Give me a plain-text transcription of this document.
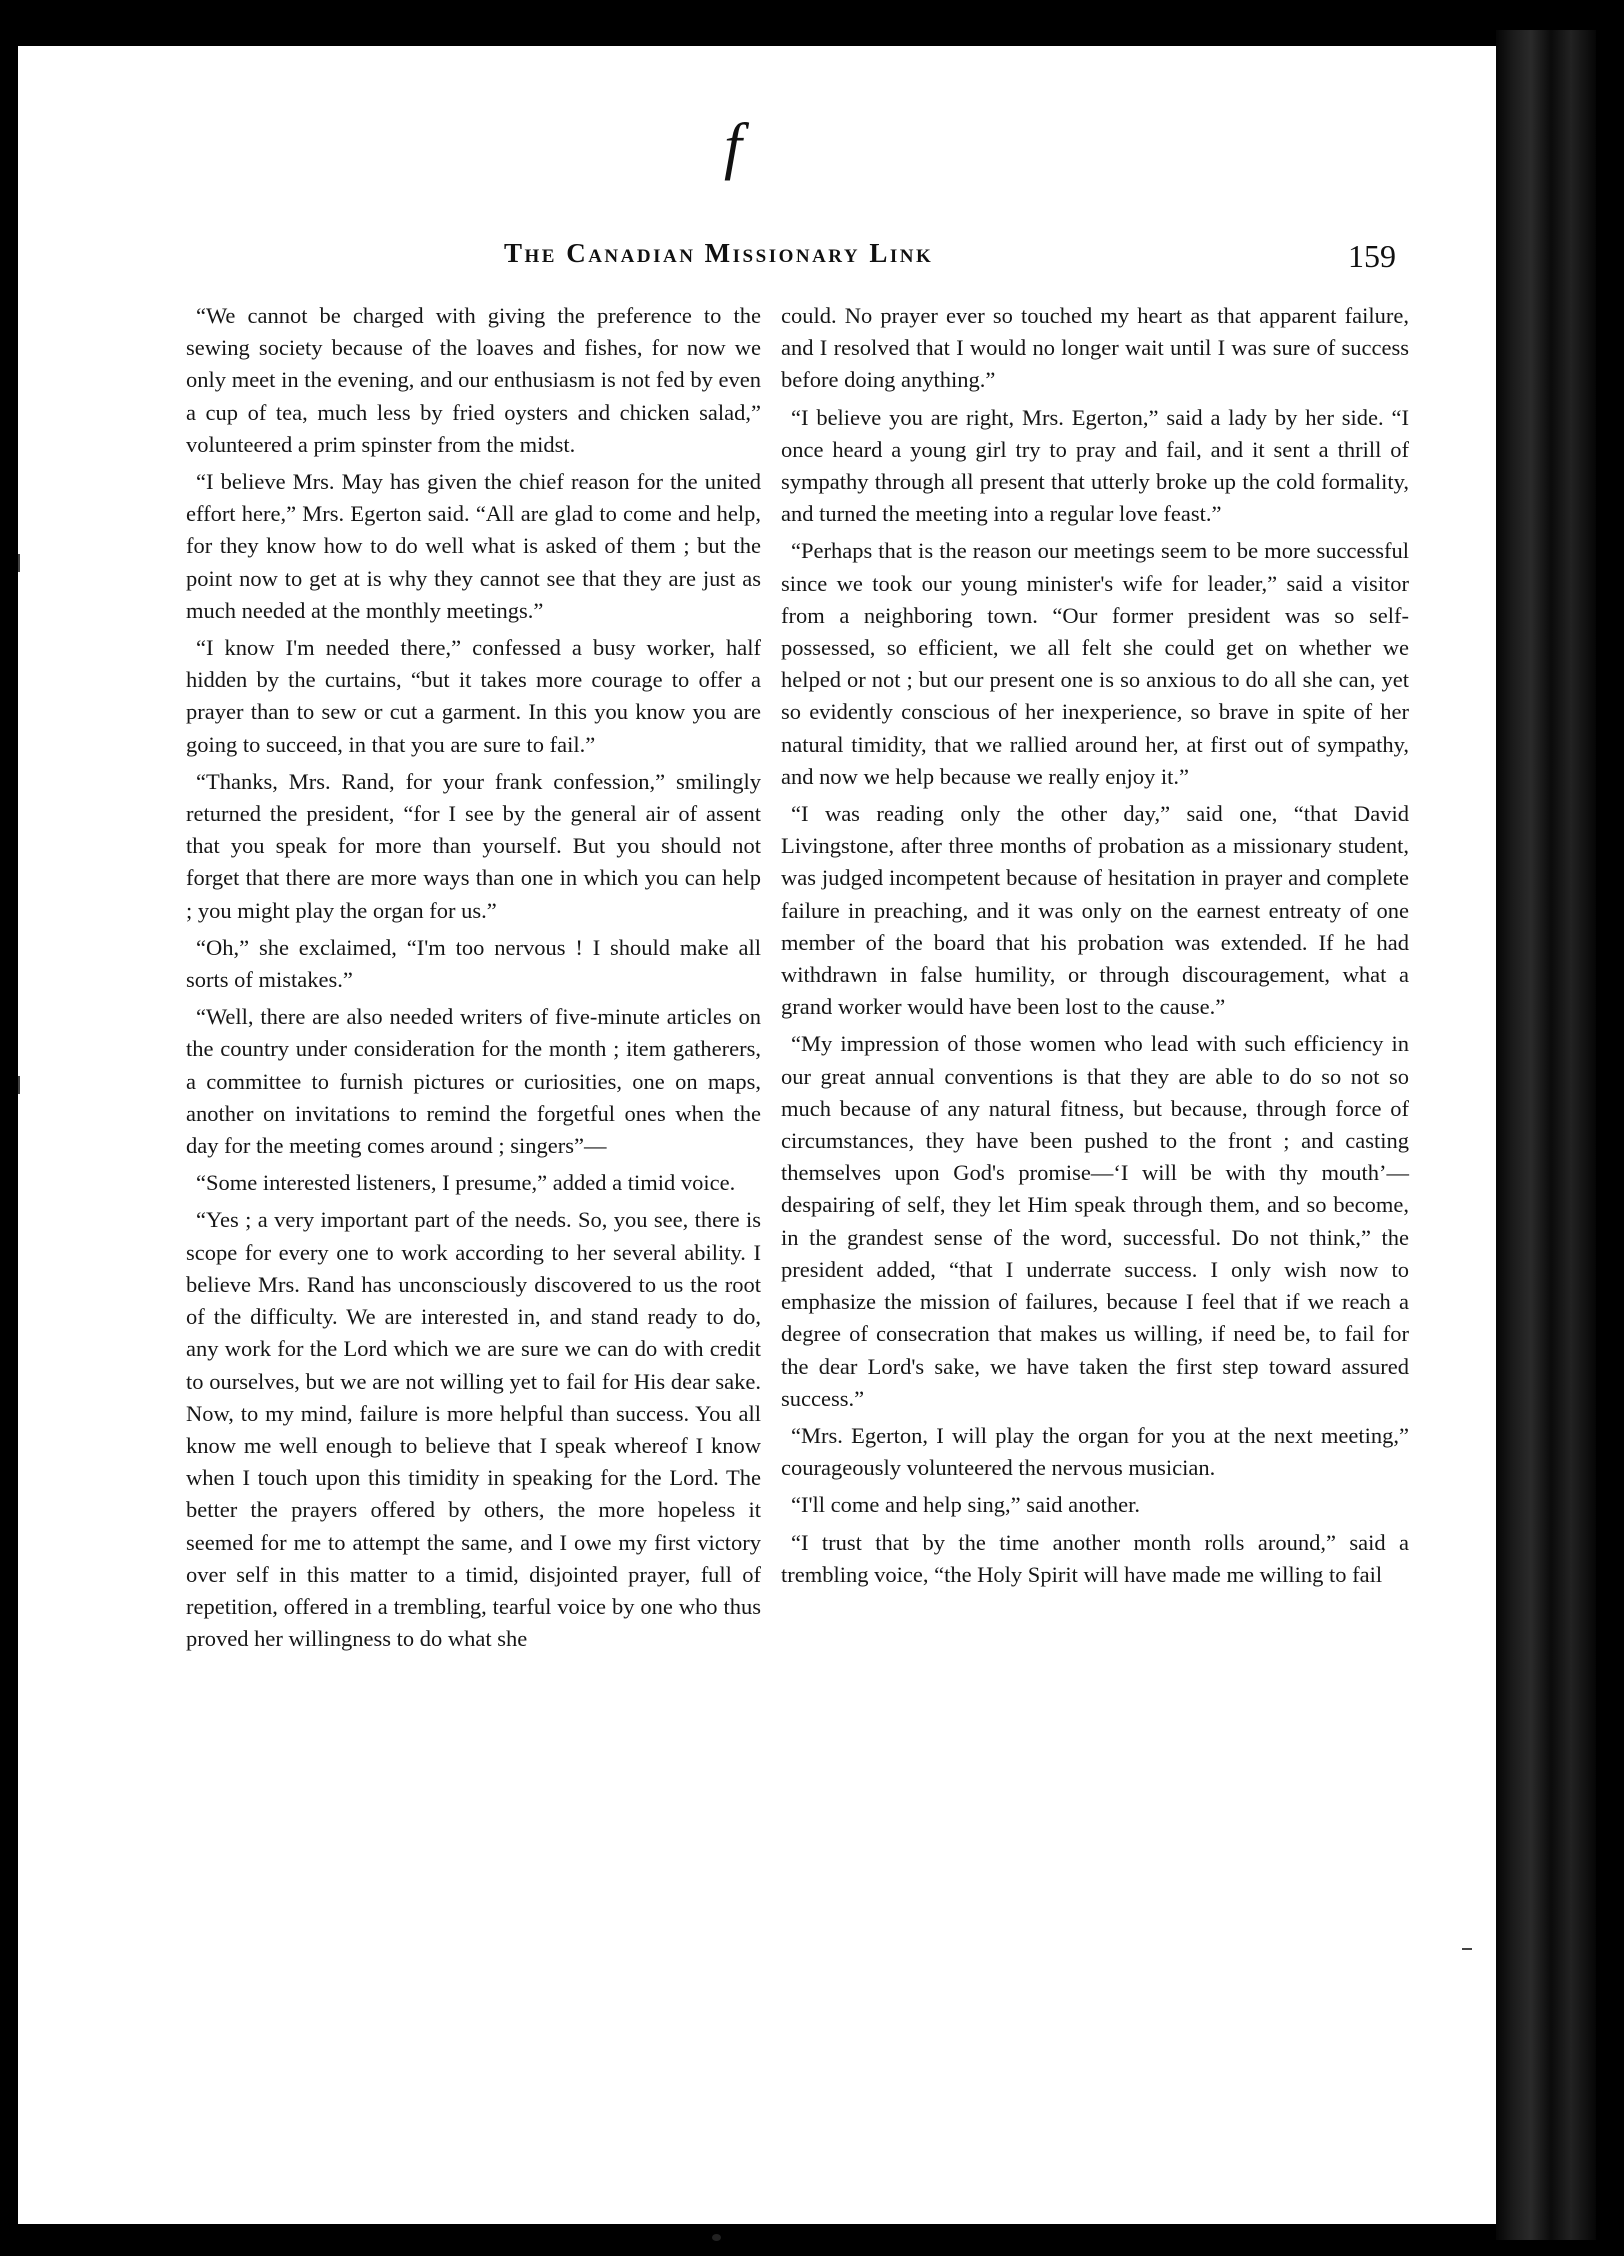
f
The Canadian Missionary Link	159

“We cannot be charged with giving the preference to the sewing society because of the loaves and fishes, for now we only meet in the evening, and our enthusiasm is not fed by even a cup of tea, much less by fried oysters and chicken salad,” volunteered a prim spinster from the midst.

“I believe Mrs. May has given the chief reason for the united effort here,” Mrs. Egerton said. “All are glad to come and help, for they know how to do well what is asked of them ; but the point now to get at is why they cannot see that they are just as much needed at the monthly meetings.”

“I know I'm needed there,” confessed a busy worker, half hidden by the curtains, “but it takes more courage to offer a prayer than to sew or cut a garment. In this you know you are going to succeed, in that you are sure to fail.”

“Thanks, Mrs. Rand, for your frank confession,” smilingly returned the president, “for I see by the general air of assent that you speak for more than yourself. But you should not forget that there are more ways than one in which you can help ; you might play the organ for us.”

“Oh,” she exclaimed, “I'm too nervous ! I should make all sorts of mistakes.”

“Well, there are also needed writers of five-minute articles on the country under consideration for the month ; item gatherers, a committee to furnish pictures or curiosities, one on maps, another on invitations to remind the forgetful ones when the day for the meeting comes around ; singers”—

“Some interested listeners, I presume,” added a timid voice.

“Yes ; a very important part of the needs. So, you see, there is scope for every one to work according to her several ability. I believe Mrs. Rand has unconsciously discovered to us the root of the difficulty. We are interested in, and stand ready to do, any work for the Lord which we are sure we can do with credit to ourselves, but we are not willing yet to fail for His dear sake. Now, to my mind, failure is more helpful than success. You all know me well enough to believe that I speak whereof I know when I touch upon this timidity in speaking for the Lord. The better the prayers offered by others, the more hopeless it seemed for me to attempt the same, and I owe my first victory over self in this matter to a timid, disjointed prayer, full of repetition, offered in a trembling, tearful voice by one who thus proved her willingness to do what she

could. No prayer ever so touched my heart as that apparent failure, and I resolved that I would no longer wait until I was sure of success before doing anything.”

“I believe you are right, Mrs. Egerton,” said a lady by her side. “I once heard a young girl try to pray and fail, and it sent a thrill of sympathy through all present that utterly broke up the cold formality, and turned the meeting into a regular love feast.”

“Perhaps that is the reason our meetings seem to be more successful since we took our young minister's wife for leader,” said a visitor from a neighboring town. “Our former president was so self-possessed, so efficient, we all felt she could get on whether we helped or not ; but our present one is so anxious to do all she can, yet so evidently conscious of her inexperience, so brave in spite of her natural timidity, that we rallied around her, at first out of sympathy, and now we help because we really enjoy it.”

“I was reading only the other day,” said one, “that David Livingstone, after three months of probation as a missionary student, was judged incompetent because of hesitation in prayer and complete failure in preaching, and it was only on the earnest entreaty of one member of the board that his probation was extended. If he had withdrawn in false humility, or through discouragement, what a grand worker would have been lost to the cause.”

“My impression of those women who lead with such efficiency in our great annual conventions is that they are able to do so not so much because of any natural fitness, but because, through force of circumstances, they have been pushed to the front ; and casting themselves upon God's promise—‘I will be with thy mouth’—despairing of self, they let Him speak through them, and so become, in the grandest sense of the word, successful. Do not think,” the president added, “that I underrate success. I only wish now to emphasize the mission of failures, because I feel that if we reach a degree of consecration that makes us willing, if need be, to fail for the dear Lord's sake, we have taken the first step toward assured success.”

“Mrs. Egerton, I will play the organ for you at the next meeting,” courageously volunteered the nervous musician.

“I'll come and help sing,” said another.

“I trust that by the time another month rolls around,” said a trembling voice, “the Holy Spirit will have made me willing to fail
